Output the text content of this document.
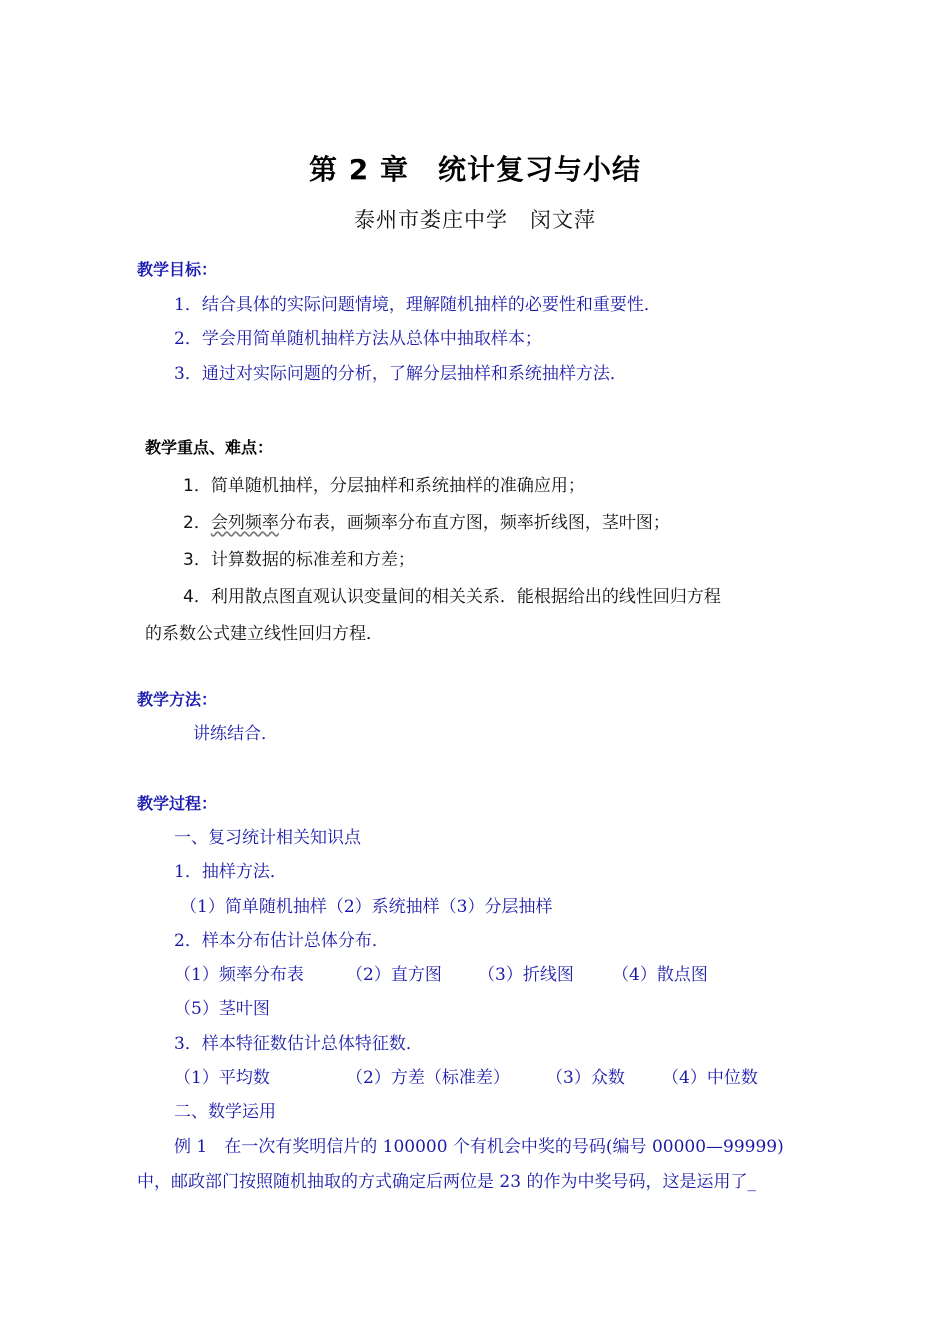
第 2 章　统计复习与小结
泰州市娄庄中学　闵文萍
教学目标：
1．结合具体的实际问题情境，理解随机抽样的必要性和重要性．
2．学会用简单随机抽样方法从总体中抽取样本；
3．通过对实际问题的分析，了解分层抽样和系统抽样方法．
教学重点、难点：
1．简单随机抽样，分层抽样和系统抽样的准确应用；
2．会列频率分布表，画频率分布直方图，频率折线图，茎叶图；
3．计算数据的标准差和方差；
4．利用散点图直观认识变量间的相关关系．能根据给出的线性回归方程
的系数公式建立线性回归方程．
教学方法：
讲练结合．
教学过程：
一、复习统计相关知识点
1．抽样方法．
（1）简单随机抽样（2）系统抽样（3）分层抽样
2．样本分布估计总体分布．
（1）频率分布表 （2）直方图 （3）折线图 （4）散点图
（5）茎叶图
3．样本特征数估计总体特征数．
（1）平均数	（2）方差（标准差） （3）众数 （4）中位数
二、数学运用
例 1　在一次有奖明信片的 100000 个有机会中奖的号码(编号 00000—99999)
中，邮政部门按照随机抽取的方式确定后两位是 23 的作为中奖号码，这是运用了_
